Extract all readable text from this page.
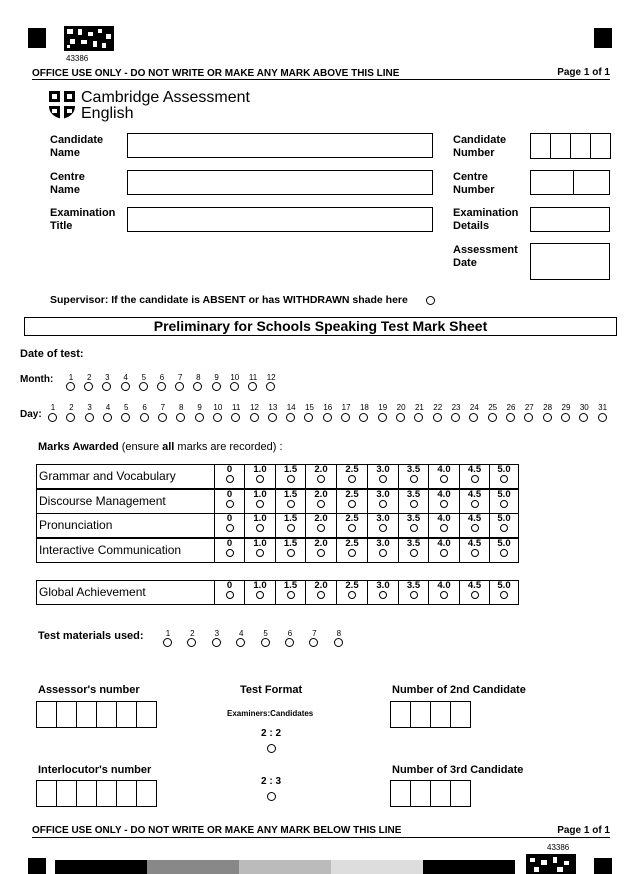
43386
OFFICE USE ONLY - DO NOT WRITE OR MAKE ANY MARK ABOVE THIS LINE	Page 1 of 1
Cambridge Assessment
English
Candidate Name
Centre Name
Examination Title
Candidate Number
Centre Number
Examination Details
Assessment Date
Supervisor: If the candidate is ABSENT or has WITHDRAWN shade here
Preliminary for Schools Speaking Test Mark Sheet
Date of test:
Month:
Day:
1	2	3	4	5	6	7	8	9	10	11	12
1	2	3	4	5	6	7	8	9	10	11	12	13	14	15	16	17	18	19	20	21	22	23	24	25	26	27	28	29	30	31
Marks Awarded (ensure all marks are recorded) :
Grammar and Vocabulary	0	1.0	1.5	2.0	2.5	3.0	3.5	4.0	4.5	5.0
Discourse Management	0	1.0	1.5	2.0	2.5	3.0	3.5	4.0	4.5	5.0
Pronunciation	0	1.0	1.5	2.0	2.5	3.0	3.5	4.0	4.5	5.0
Interactive Communication	0	1.0	1.5	2.0	2.5	3.0	3.5	4.0	4.5	5.0
Global Achievement	0	1.0	1.5	2.0	2.5	3.0	3.5	4.0	4.5	5.0
Test materials used:	1	2	3	4	5	6	7	8
Assessor's number
Interlocutor's number
Test Format
Examiners:Candidates
2 : 2
2 : 3
Number of 2nd Candidate
Number of 3rd Candidate
OFFICE USE ONLY - DO NOT WRITE OR MAKE ANY MARK BELOW THIS LINE	Page 1 of 1
43386
